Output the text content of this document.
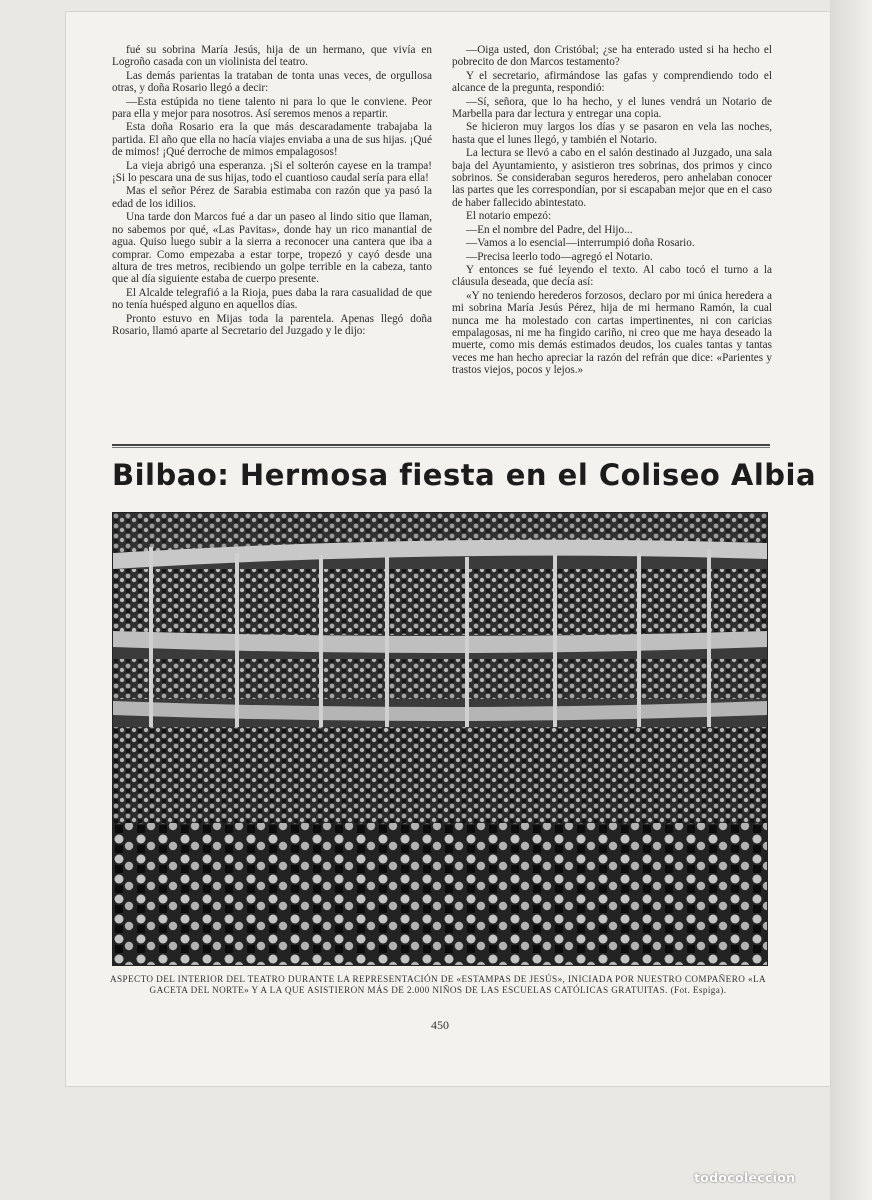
fué su sobrina María Jesús, hija de un hermano, que vivía en Logroño casada con un violinista del teatro.

Las demás parientas la trataban de tonta unas veces, de orgullosa otras, y doña Rosario llegó a decir:

—Esta estúpida no tiene talento ni para lo que le conviene. Peor para ella y mejor para nosotros. Así seremos menos a repartir.

Esta doña Rosario era la que más descaradamente trabajaba la partida. El año que ella no hacía viajes enviaba a una de sus hijas. ¡Qué de mimos! ¡Qué derroche de mimos empalagosos!

La vieja abrigó una esperanza. ¡Si el solterón cayese en la trampa! ¡Si lo pescara una de sus hijas, todo el cuantioso caudal sería para ella!

Mas el señor Pérez de Sarabia estimaba con razón que ya pasó la edad de los idilios.

Una tarde don Marcos fué a dar un paseo al lindo sitio que llaman, no sabemos por qué, «Las Pavitas», donde hay un rico manantial de agua. Quiso luego subir a la sierra a reconocer una cantera que iba a comprar. Como empezaba a estar torpe, tropezó y cayó desde una altura de tres metros, recibiendo un golpe terrible en la cabeza, tanto que al día siguiente estaba de cuerpo presente.

El Alcalde telegrafió a la Rioja, pues daba la rara casualidad de que no tenía huésped alguno en aquellos días.

Pronto estuvo en Mijas toda la parentela. Apenas llegó doña Rosario, llamó aparte al Secretario del Juzgado y le dijo:

—Oiga usted, don Cristóbal; ¿se ha enterado usted si ha hecho el pobrecito de don Marcos testamento?

Y el secretario, afirmándose las gafas y comprendiendo todo el alcance de la pregunta, respondió:

—Sí, señora, que lo ha hecho, y el lunes vendrá un Notario de Marbella para dar lectura y entregar una copia.

Se hicieron muy largos los días y se pasaron en vela las noches, hasta que el lunes llegó, y también el Notario.

La lectura se llevó a cabo en el salón destinado al Juzgado, una sala baja del Ayuntamiento, y asistieron tres sobrinas, dos primos y cinco sobrinos. Se consideraban seguros herederos, pero anhelaban conocer las partes que les correspondían, por si escapaban mejor que en el caso de haber fallecido abintestato.

El notario empezó:

—En el nombre del Padre, del Hijo...

—Vamos a lo esencial—interrumpió doña Rosario.

—Precisa leerlo todo—agregó el Notario.

Y entonces se fué leyendo el texto. Al cabo tocó el turno a la cláusula deseada, que decía así:

«Y no teniendo herederos forzosos, declaro por mi única heredera a mi sobrina María Jesús Pérez, hija de mi hermano Ramón, la cual nunca me ha molestado con cartas impertinentes, ni con caricias empalagosas, ni me ha fingido cariño, ni creo que me haya deseado la muerte, como mis demás estimados deudos, los cuales tantas y tantas veces me han hecho apreciar la razón del refrán que dice: «Parientes y trastos viejos, pocos y lejos.»

Bilbao: Hermosa fiesta en el Coliseo Albia
ASPECTO DEL INTERIOR DEL TEATRO DURANTE LA REPRESENTACIÓN DE «ESTAMPAS DE JESÚS», INICIADA POR NUESTRO COMPAÑERO «LA GACETA DEL NORTE» Y A LA QUE ASISTIERON MÁS DE 2.000 NIÑOS DE LAS ESCUELAS CATÓLICAS GRATUITAS. (Fot. Espiga).
450
todocoleccion
